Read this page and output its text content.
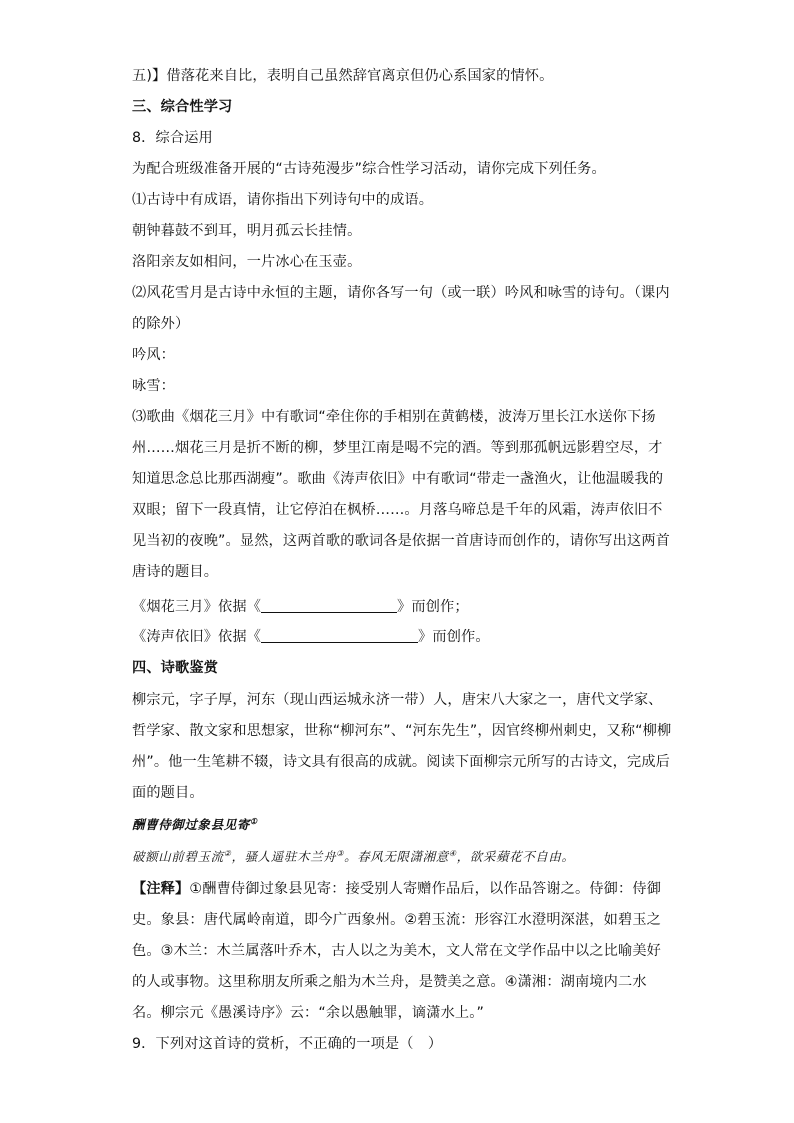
五)】借落花来自比，表明自己虽然辞官离京但仍心系国家的情怀。
三、综合性学习
8．综合运用
为配合班级准备开展的“古诗苑漫步”综合性学习活动，请你完成下列任务。
⑴古诗中有成语，请你指出下列诗句中的成语。
朝钟暮鼓不到耳，明月孤云长挂情。
洛阳亲友如相问，一片冰心在玉壶。
⑵风花雪月是古诗中永恒的主题，请你各写一句（或一联）吟风和咏雪的诗句。（课内
的除外）
吟风：
咏雪：
⑶歌曲《烟花三月》中有歌词“牵住你的手相别在黄鹤楼，波涛万里长江水送你下扬
州……烟花三月是折不断的柳，梦里江南是喝不完的酒。等到那孤帆远影碧空尽，才
知道思念总比那西湖瘦”。歌曲《涛声依旧》中有歌词“带走一盏渔火，让他温暖我的
双眼；留下一段真情，让它停泊在枫桥……。月落乌啼总是千年的风霜，涛声依旧不
见当初的夜晚”。显然，这两首歌的歌词各是依据一首唐诗而创作的，请你写出这两首
唐诗的题目。
《烟花三月》依据《	》而创作；
《涛声依旧》依据《	》而创作。
四、诗歌鉴赏
柳宗元，字子厚，河东（现山西运城永济一带）人，唐宋八大家之一，唐代文学家、
哲学家、散文家和思想家，世称“柳河东”、“河东先生”，因官终柳州刺史，又称“柳柳
州”。他一生笔耕不辍，诗文具有很高的成就。阅读下面柳宗元所写的古诗文，完成后
面的题目。
酬曹侍御过象县见寄①
破额山前碧玉流②，骚人遥驻木兰舟③。春风无限潇湘意④，欲采蘋花不自由。
【注释】①酬曹侍御过象县见寄：接受别人寄赠作品后，以作品答谢之。侍御：侍御
史。象县：唐代属岭南道，即今广西象州。②碧玉流：形容江水澄明深湛，如碧玉之
色。③木兰：木兰属落叶乔木，古人以之为美木，文人常在文学作品中以之比喻美好
的人或事物。这里称朋友所乘之船为木兰舟，是赞美之意。④潇湘：湖南境内二水
名。柳宗元《愚溪诗序》云：“余以愚触罪，谪潇水上。”
9．下列对这首诗的赏析，不正确的一项是（　）
